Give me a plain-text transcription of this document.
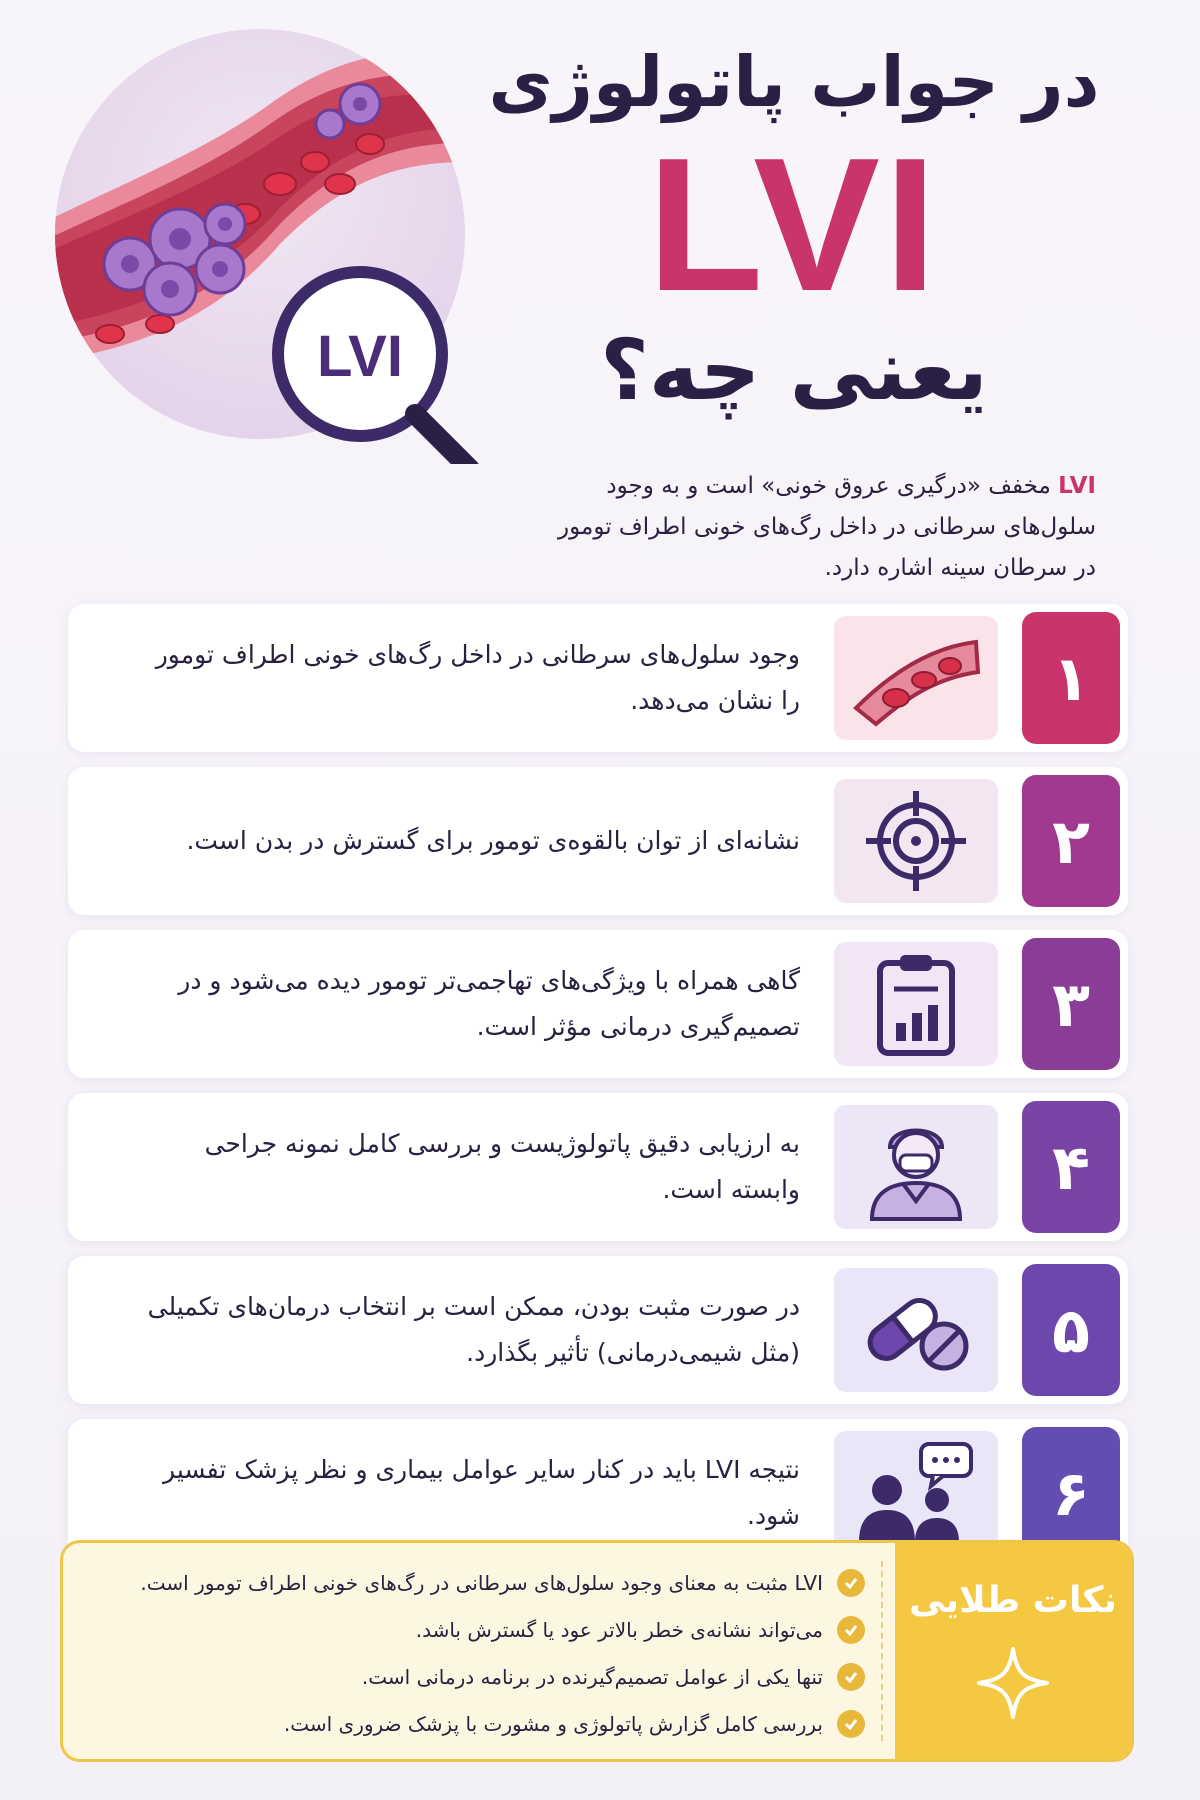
LVI
در جواب پاتولوژی
LVI
یعنی چه؟
LVI مخفف «درگیری عروق خونی» است و به وجود سلول‌های سرطانی در داخل رگ‌های خونی اطراف تومور در سرطان سینه اشاره دارد.
۱
وجود سلول‌های سرطانی در داخل رگ‌های خونی اطراف تومور را نشان می‌دهد.
۲
نشانه‌ای از توان بالقوه‌ی تومور برای گسترش در بدن است.
۳
گاهی همراه با ویژگی‌های تهاجمی‌تر تومور دیده می‌شود و در تصمیم‌گیری درمانی مؤثر است.
۴
به ارزیابی دقیق پاتولوژیست و بررسی کامل نمونه جراحی وابسته است.
۵
در صورت مثبت بودن، ممکن است بر انتخاب درمان‌های تکمیلی (مثل شیمی‌درمانی) تأثیر بگذارد.
۶
نتیجه LVI باید در کنار سایر عوامل بیماری و نظر پزشک تفسیر شود.
نکات طلایی
LVI مثبت به معنای وجود سلول‌های سرطانی در رگ‌های خونی اطراف تومور است.
می‌تواند نشانه‌ی خطر بالاتر عود یا گسترش باشد.
تنها یکی از عوامل تصمیم‌گیرنده در برنامه درمانی است.
بررسی کامل گزارش پاتولوژی و مشورت با پزشک ضروری است.
